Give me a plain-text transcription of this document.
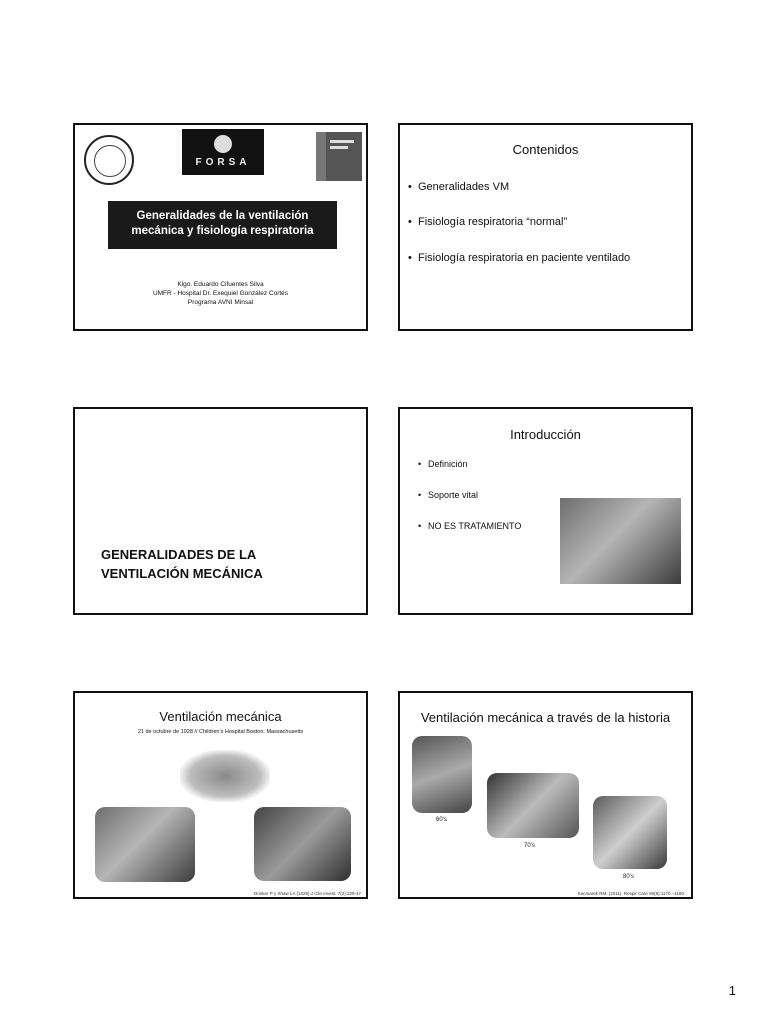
FORSA
Generalidades de la ventilación
mecánica y fisiología respiratoria
Klgo. Eduardo Cifuentes Silva
UMFR - Hospital Dr. Exequiel González Cortés
Programa AVNI Minsal
Contenidos
• Generalidades VM
• Fisiología respiratoria “normal”
• Fisiología respiratoria en paciente ventilado
GENERALIDADES DE LA
VENTILACIÓN MECÁNICA
Introducción
• Definición
• Soporte vital
• NO ES TRATAMIENTO
Ventilación mecánica
21 de octubre de 1928 // Children’s Hospital Boston. Massachusetts
Drinker P y Shaw LA (1929) J Clin Invest. 7(2):229-47
Ventilación mecánica a través de la historia
60's
70's
80's
Kacmarek RM. (2011). Respir Care 56(8):1170 –1180
1
